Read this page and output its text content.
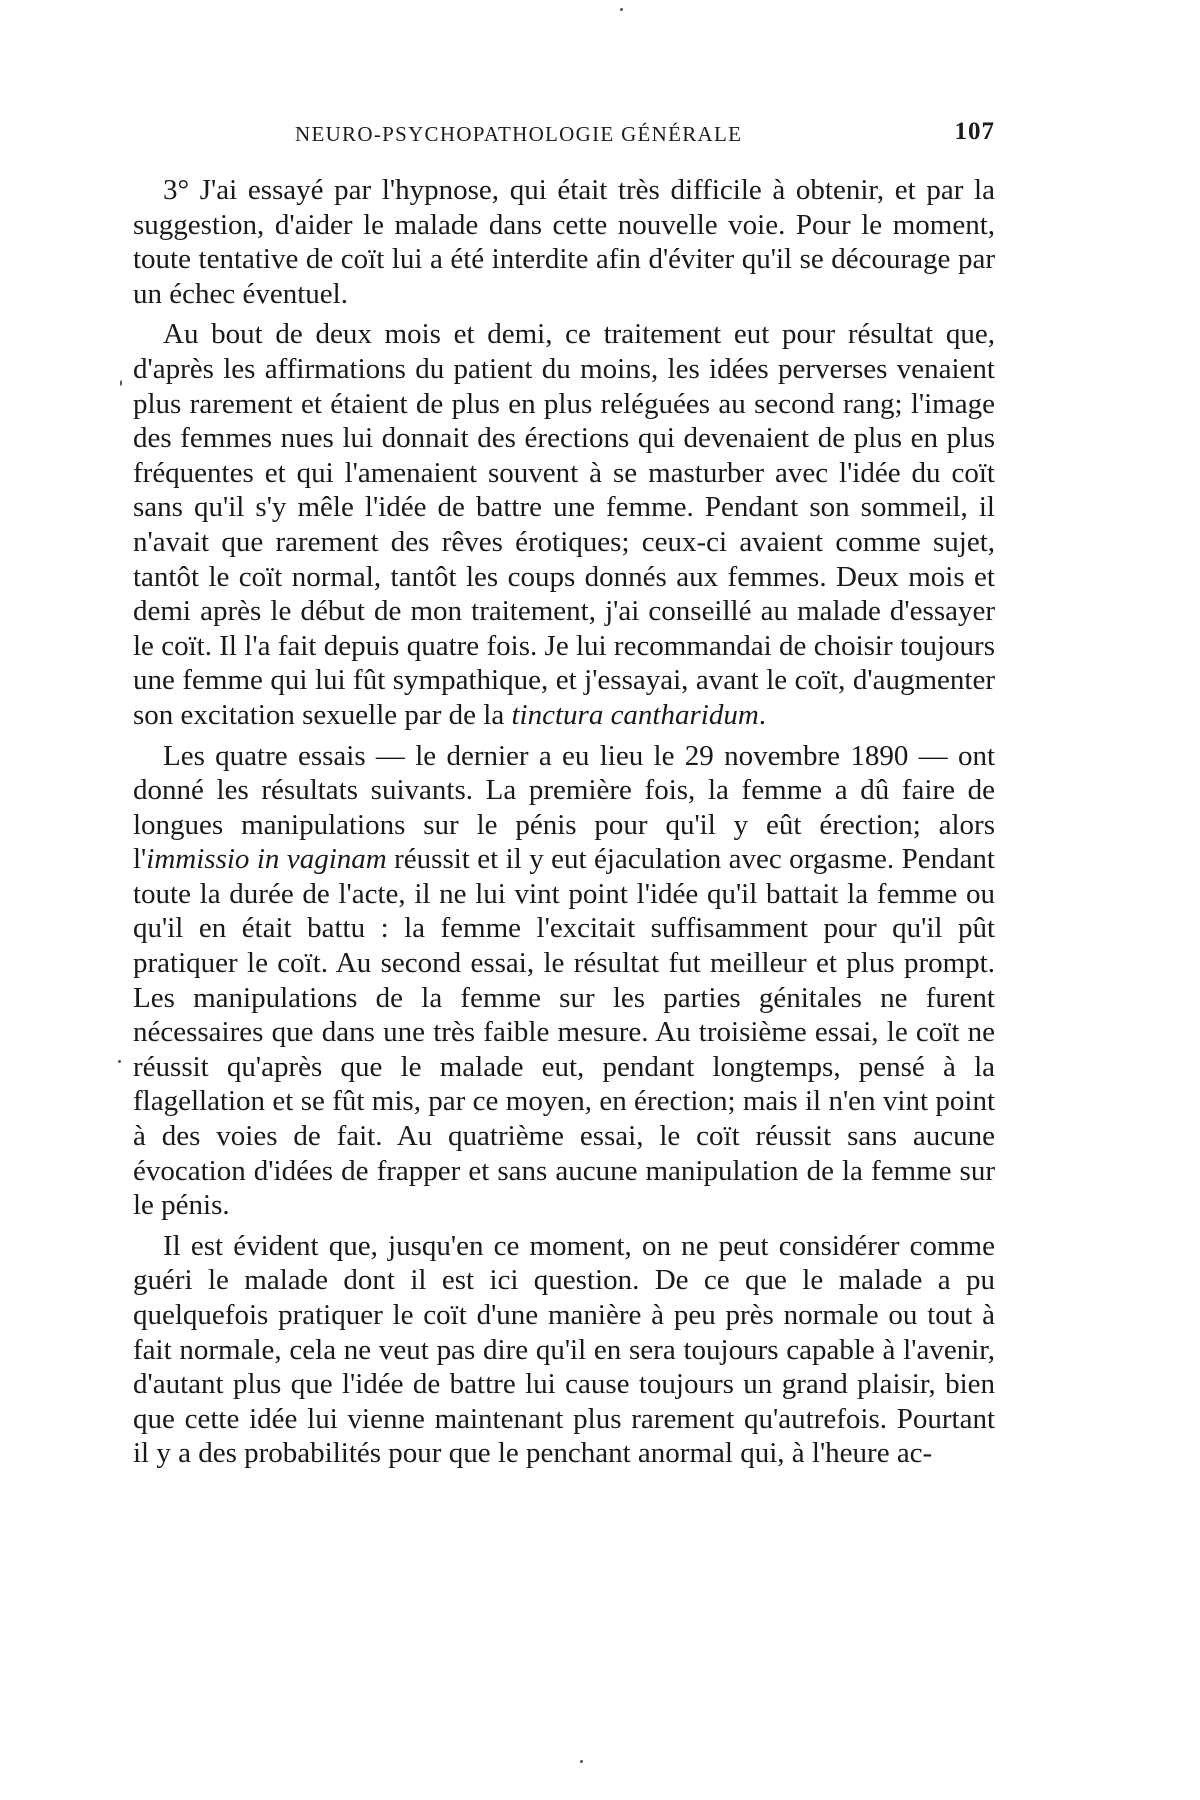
NEURO-PSYCHOPATHOLOGIE GÉNÉRALE	107

3° J'ai essayé par l'hypnose, qui était très difficile à obtenir, et par la suggestion, d'aider le malade dans cette nouvelle voie. Pour le moment, toute tentative de coït lui a été interdite afin d'éviter qu'il se décourage par un échec éventuel.

Au bout de deux mois et demi, ce traitement eut pour résultat que, d'après les affirmations du patient du moins, les idées perverses venaient plus rarement et étaient de plus en plus reléguées au second rang; l'image des femmes nues lui donnait des érections qui devenaient de plus en plus fréquentes et qui l'amenaient souvent à se masturber avec l'idée du coït sans qu'il s'y mêle l'idée de battre une femme. Pendant son sommeil, il n'avait que rarement des rêves érotiques; ceux-ci avaient comme sujet, tantôt le coït normal, tantôt les coups donnés aux femmes. Deux mois et demi après le début de mon traitement, j'ai conseillé au malade d'essayer le coït. Il l'a fait depuis quatre fois. Je lui recommandai de choisir toujours une femme qui lui fût sympathique, et j'essayai, avant le coït, d'augmenter son excitation sexuelle par de la tinctura cantharidum.

Les quatre essais — le dernier a eu lieu le 29 novembre 1890 — ont donné les résultats suivants. La première fois, la femme a dû faire de longues manipulations sur le pénis pour qu'il y eût érection; alors l'immissio in vaginam réussit et il y eut éjaculation avec orgasme. Pendant toute la durée de l'acte, il ne lui vint point l'idée qu'il battait la femme ou qu'il en était battu : la femme l'excitait suffisamment pour qu'il pût pratiquer le coït. Au second essai, le résultat fut meilleur et plus prompt. Les manipulations de la femme sur les parties génitales ne furent nécessaires que dans une très faible mesure. Au troisième essai, le coït ne réussit qu'après que le malade eut, pendant longtemps, pensé à la flagellation et se fût mis, par ce moyen, en érection; mais il n'en vint point à des voies de fait. Au quatrième essai, le coït réussit sans aucune évocation d'idées de frapper et sans aucune manipulation de la femme sur le pénis.

Il est évident que, jusqu'en ce moment, on ne peut considérer comme guéri le malade dont il est ici question. De ce que le malade a pu quelquefois pratiquer le coït d'une manière à peu près normale ou tout à fait normale, cela ne veut pas dire qu'il en sera toujours capable à l'avenir, d'autant plus que l'idée de battre lui cause toujours un grand plaisir, bien que cette idée lui vienne maintenant plus rarement qu'autrefois. Pourtant il y a des probabilités pour que le penchant anormal qui, à l'heure ac-
